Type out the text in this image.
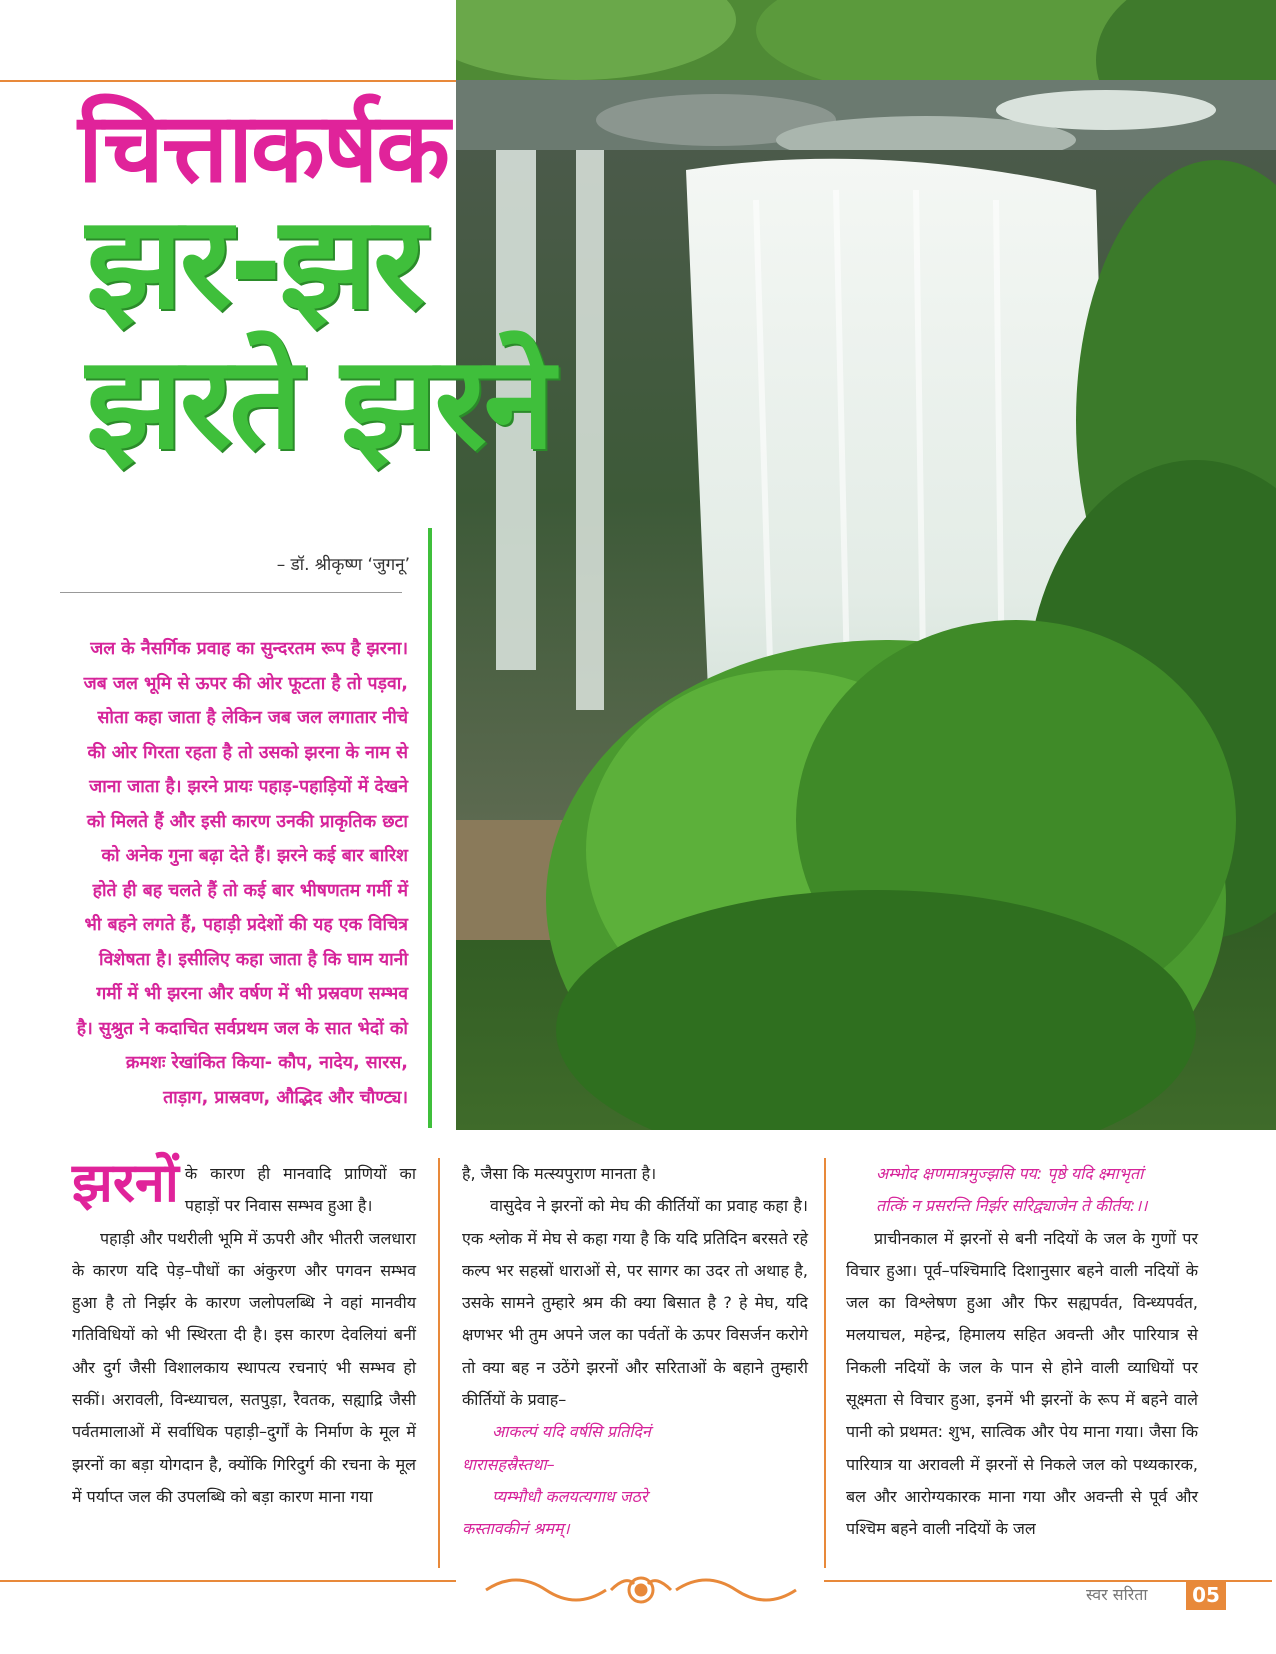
चित्ताकर्षक
झर-झर
झरते झरने
– डॉ. श्रीकृष्ण ‘जुगनू’
जल के नैसर्गिक प्रवाह का सुन्दरतम रूप है झरना। जब जल भूमि से ऊपर की ओर फूटता है तो पड़वा, सोता कहा जाता है लेकिन जब जल लगातार नीचे की ओर गिरता रहता है तो उसको झरना के नाम से जाना जाता है। झरने प्रायः पहाड़-पहाड़ियों में देखने को मिलते हैं और इसी कारण उनकी प्राकृतिक छटा को अनेक गुना बढ़ा देते हैं। झरने कई बार बारिश होते ही बह चलते हैं तो कई बार भीषणतम गर्मी में भी बहने लगते हैं, पहाड़ी प्रदेशों की यह एक विचित्र विशेषता है। इसीलिए कहा जाता है कि घाम यानी गर्मी में भी झरना और वर्षण में भी प्रस्रवण सम्भव है। सुश्रुत ने कदाचित सर्वप्रथम जल के सात भेदों को क्रमशः रेखांकित किया- कौप, नादेय, सारस, ताड़ाग, प्रास्रवण, औद्भिद और चौण्ट्य।
झरनों के कारण ही मानवादि प्राणियों का पहाड़ों पर निवास सम्भव हुआ है।
पहाड़ी और पथरीली भूमि में ऊपरी और भीतरी जलधारा के कारण यदि पेड़–पौधों का अंकुरण और पगवन सम्भव हुआ है तो निर्झर के कारण जलोपलब्धि ने वहां मानवीय गतिविधियों को भी स्थिरता दी है। इस कारण देवलियां बनीं और दुर्ग जैसी विशालकाय स्थापत्य रचनाएं भी सम्भव हो सकीं। अरावली, विन्ध्याचल, सतपुड़ा, रैवतक, सह्याद्रि जैसी पर्वतमालाओं में सर्वाधिक पहाड़ी–दुर्गों के निर्माण के मूल में झरनों का बड़ा योगदान है, क्योंकि गिरिदुर्ग की रचना के मूल में पर्याप्त जल की उपलब्धि को बड़ा कारण माना गया
है, जैसा कि मत्स्यपुराण मानता है।
वासुदेव ने झरनों को मेघ की कीर्तियों का प्रवाह कहा है। एक श्लोक में मेघ से कहा गया है कि यदि प्रतिदिन बरसते रहे कल्प भर सहस्रों धाराओं से, पर सागर का उदर तो अथाह है, उसके सामने तुम्हारे श्रम की क्या बिसात है ? हे मेघ, यदि क्षणभर भी तुम अपने जल का पर्वतों के ऊपर विसर्जन करोगे तो क्या बह न उठेंगे झरनों और सरिताओं के बहाने तुम्हारी कीर्तियों के प्रवाह–
आकल्पं यदि वर्षसि प्रतिदिनं
धारासहस्रैस्तथा–
प्यम्भौधौ कलयत्यगाध जठरे
कस्तावकीनं श्रमम्।
अम्भोद क्षणमात्रमुज्झसि पय: पृष्ठे यदि क्ष्माभृतां
तत्किं न प्रसरन्ति निर्झर सरिद्व्याजेन ते कीर्तय:।।
प्राचीनकाल में झरनों से बनी नदियों के जल के गुणों पर विचार हुआ। पूर्व–पश्चिमादि दिशानुसार बहने वाली नदियों के जल का विश्लेषण हुआ और फिर सह्यपर्वत, विन्ध्यपर्वत, मलयाचल, महेन्द्र, हिमालय सहित अवन्ती और पारियात्र से निकली नदियों के जल के पान से होने वाली व्याधियों पर सूक्ष्मता से विचार हुआ, इनमें भी झरनों के रूप में बहने वाले पानी को प्रथमत: शुभ, सात्विक और पेय माना गया। जैसा कि पारियात्र या अरावली में झरनों से निकले जल को पथ्यकारक, बल और आरोग्यकारक माना गया और अवन्ती से पूर्व और पश्चिम बहने वाली नदियों के जल
स्वर सरिता	05
